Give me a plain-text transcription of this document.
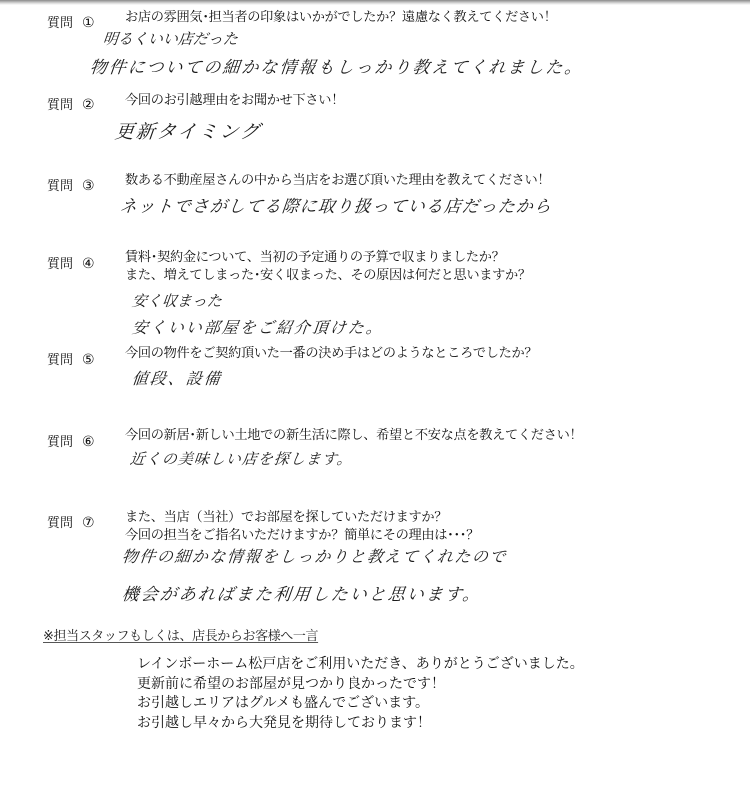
質問 ① お店の雰囲気･担当者の印象はいかがでしたか？遠慮なく教えてください！
明るくいい店だった
物件についての細かな情報もしっかり教えてくれました。
質問 ② 今回のお引越理由をお聞かせ下さい！
更新タイミング
質問 ③ 数ある不動産屋さんの中から当店をお選び頂いた理由を教えてください！
ネットでさがしてる際に取り扱っている店だったから
質問 ④ 賃料･契約金について、当初の予定通りの予算で収まりましたか？
また、増えてしまった･安く収まった、その原因は何だと思いますか？
安く収まった
安くいい部屋をご紹介頂けた。
質問 ⑤ 今回の物件をご契約頂いた一番の決め手はどのようなところでしたか？
値段、設備
質問 ⑥ 今回の新居･新しい土地での新生活に際し、希望と不安な点を教えてください！
近くの美味しい店を探します。
質問 ⑦ また、当店（当社）でお部屋を探していただけますか？
今回の担当をご指名いただけますか？簡単にその理由は･･･？
物件の細かな情報をしっかりと教えてくれたので
機会があればまた利用したいと思います。
※担当スタッフもしくは、店長からお客様へ一言
レインボーホーム松戸店をご利用いただき、ありがとうございました。
更新前に希望のお部屋が見つかり良かったです！
お引越しエリアはグルメも盛んでございます。
お引越し早々から大発見を期待しております！
